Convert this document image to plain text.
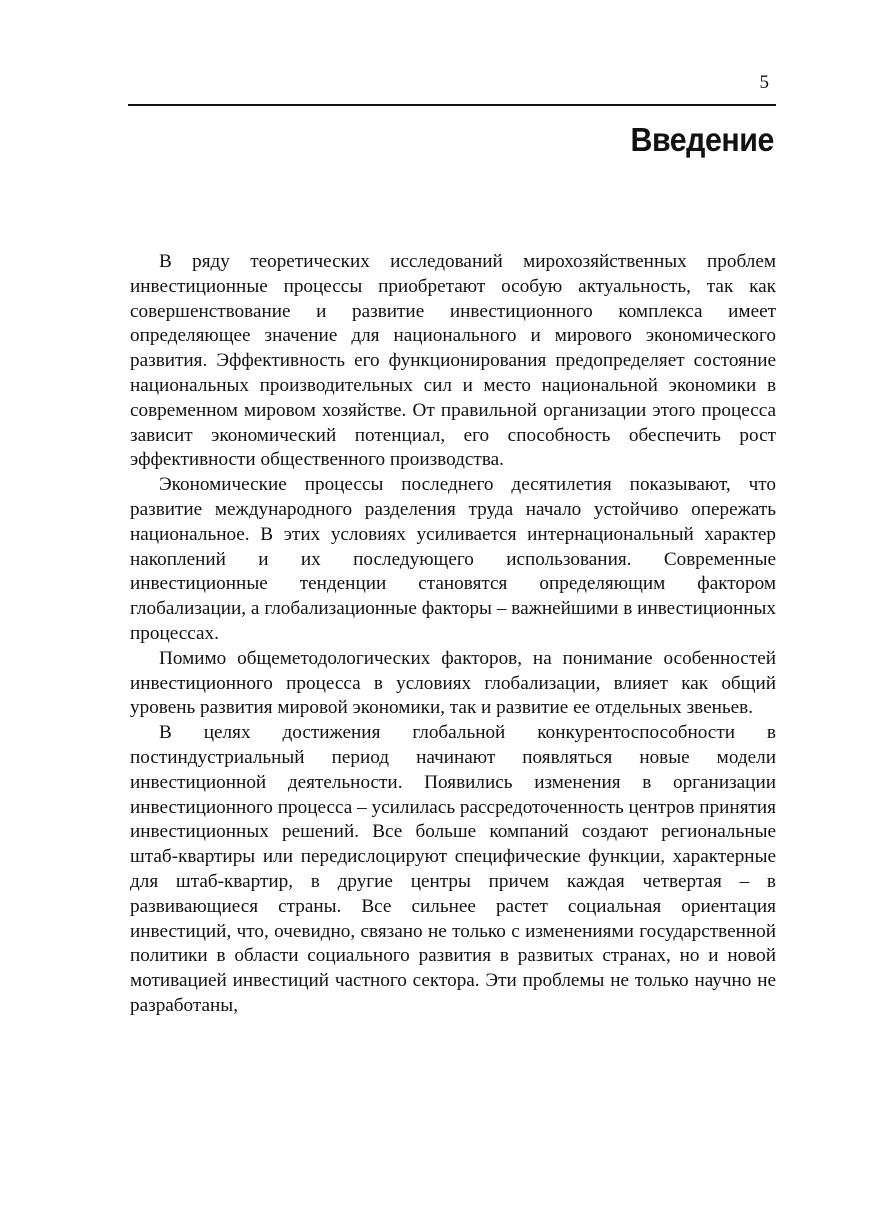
5
Введение

В ряду теоретических исследований мирохозяйственных проблем инвестиционные процессы приобретают особую актуальность, так как совершенствование и развитие инвестиционного комплекса имеет определяющее значение для национального и мирового экономического развития. Эффективность его функционирования предопределяет состояние национальных производительных сил и место национальной экономики в современном мировом хозяйстве. От правильной организации этого процесса зависит экономический потенциал, его способность обеспечить рост эффективности общественного производства.

Экономические процессы последнего десятилетия показывают, что развитие международного разделения труда начало устойчиво опережать национальное. В этих условиях усиливается интернациональный характер накоплений и их последующего использования. Современные инвестиционные тенденции становятся определяющим фактором глобализации, а глобализационные факторы – важнейшими в инвестиционных процессах.

Помимо общеметодологических факторов, на понимание особенностей инвестиционного процесса в условиях глобализации, влияет как общий уровень развития мировой экономики, так и развитие ее отдельных звеньев.

В целях достижения глобальной конкурентоспособности в постиндустриальный период начинают появляться новые модели инвестиционной деятельности. Появились изменения в организации инвестиционного процесса – усилилась рассредоточенность центров принятия инвестиционных решений. Все больше компаний создают региональные штаб-квартиры или передислоцируют специфические функции, характерные для штаб-квартир, в другие центры причем каждая четвертая – в развивающиеся страны. Все сильнее растет социальная ориентация инвестиций, что, очевидно, связано не только с изменениями государственной политики в области социального развития в развитых странах, но и новой мотивацией инвестиций частного сектора. Эти проблемы не только научно не разработаны,
